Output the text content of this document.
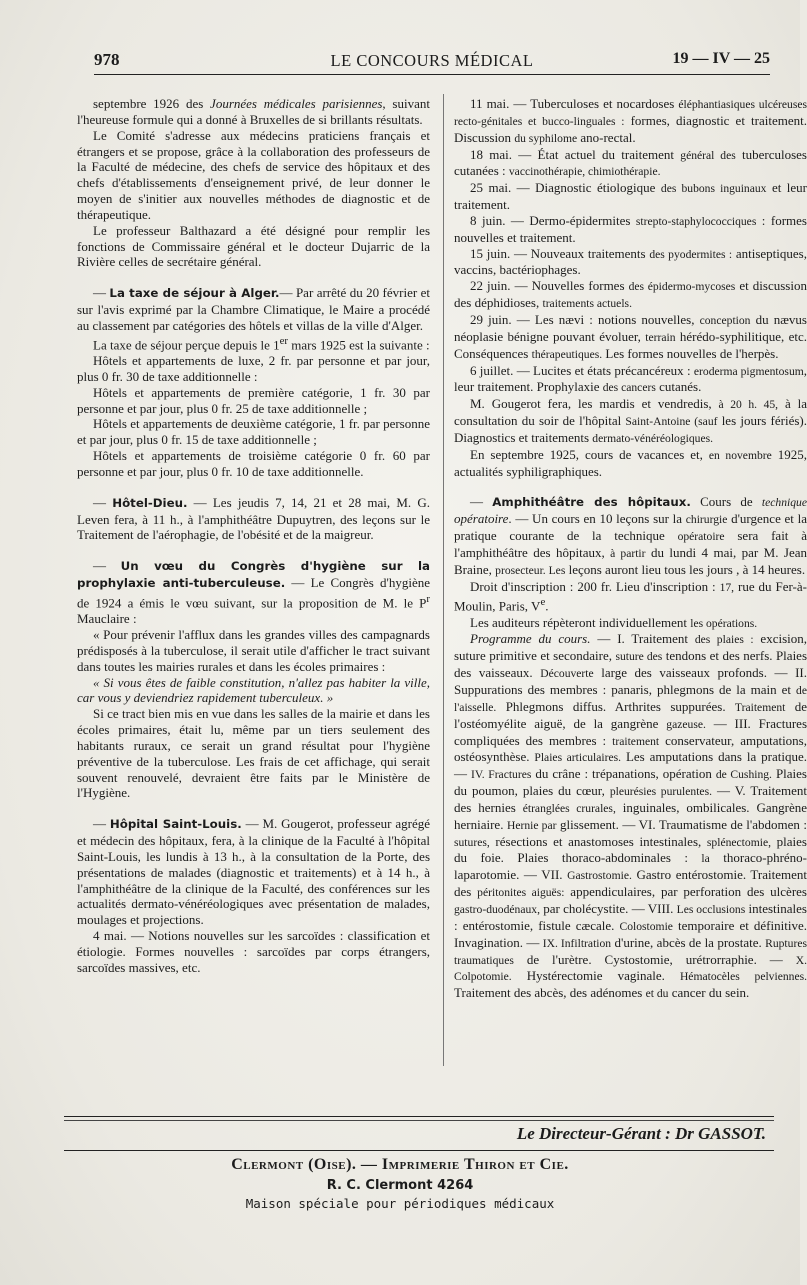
978	LE CONCOURS MÉDICAL	19 — IV — 25

septembre 1926 des Journées médicales parisiennes, suivant l'heureuse formule qui a donné à Bruxelles de si brillants résultats.

Le Comité s'adresse aux médecins praticiens français et étrangers et se propose, grâce à la collaboration des professeurs de la Faculté de médecine, des chefs de service des hôpitaux et des chefs d'établissements d'enseignement privé, de leur donner le moyen de s'initier aux nouvelles méthodes de diagnostic et de thérapeutique.

Le professeur Balthazard a été désigné pour remplir les fonctions de Commissaire général et le docteur Dujarric de la Rivière celles de secrétaire général.

— La taxe de séjour à Alger.— Par arrêté du 20 février et sur l'avis exprimé par la Chambre Climatique, le Maire a procédé au classement par catégories des hôtels et villas de la ville d'Alger.

La taxe de séjour perçue depuis le 1er mars 1925 est la suivante :

Hôtels et appartements de luxe, 2 fr. par personne et par jour, plus 0 fr. 30 de taxe additionnelle :

Hôtels et appartements de première catégorie, 1 fr. 30 par personne et par jour, plus 0 fr. 25 de taxe additionnelle ;

Hôtels et appartements de deuxième catégorie, 1 fr. par personne et par jour, plus 0 fr. 15 de taxe additionnelle ;

Hôtels et appartements de troisième catégorie 0 fr. 60 par personne et par jour, plus 0 fr. 10 de taxe additionnelle.

— Hôtel-Dieu. — Les jeudis 7, 14, 21 et 28 mai, M. G. Leven fera, à 11 h., à l'amphithéâtre Dupuytren, des leçons sur le Traitement de l'aérophagie, de l'obésité et de la maigreur.

— Un vœu du Congrès d'hygiène sur la prophylaxie anti-tuberculeuse. — Le Congrès d'hygiène de 1924 a émis le vœu suivant, sur la proposition de M. le $P^r$ Mauclaire :

« Pour prévenir l'afflux dans les grandes villes des campagnards prédisposés à la tuberculose, il serait utile d'afficher le tract suivant dans toutes les mairies rurales et dans les écoles primaires :

« Si vous êtes de faible constitution, n'allez pas habiter la ville, car vous y deviendriez rapidement tuberculeux. »

Si ce tract bien mis en vue dans les salles de la mairie et dans les écoles primaires, était lu, même par un tiers seulement des habitants ruraux, ce serait un grand résultat pour l'hygiène préventive de la tuberculose. Les frais de cet affichage, qui serait souvent renouvelé, devraient être faits par le Ministère de l'Hygiène.

— Hôpital Saint-Louis. — M. Gougerot, professeur agrégé et médecin des hôpitaux, fera, à la clinique de la Faculté à l'hôpital Saint-Louis, les lundis à 13 h., à la consultation de la Porte, des présentations de malades (diagnostic et traitements) et à 14 h., à l'amphithéâtre de la clinique de la Faculté, des conférences sur les actualités dermato-vénéréologiques avec présentation de malades, moulages et projections.

4 mai. — Notions nouvelles sur les sarcoïdes : classification et étiologie. Formes nouvelles : sarcoïdes par corps étrangers, sarcoïdes massives, etc.

11 mai. — Tuberculoses et nocardoses éléphantiasiques ulcéreuses recto-génitales et bucco-linguales : formes, diagnostic et traitement. Discussion du syphilome ano-rectal.

18 mai. — État actuel du traitement général des tuberculoses cutanées : vaccinothérapie, chimiothérapie.

25 mai. — Diagnostic étiologique des bubons inguinaux et leur traitement.

8 juin. — Dermo-épidermites strepto-staphylococciques : formes nouvelles et traitement.

15 juin. — Nouveaux traitements des pyodermites : antiseptiques, vaccins, bactériophages.

22 juin. — Nouvelles formes des épidermo-mycoses et discussion des déphidioses, traitements actuels.

29 juin. — Les nævi : notions nouvelles, conception du nævus néoplasie bénigne pouvant évoluer, terrain hérédo-syphilitique, etc. Conséquences thérapeutiques. Les formes nouvelles de l'herpès.

6 juillet. — Lucites et états précancéreux : eroderma pigmentosum, leur traitement. Prophylaxie des cancers cutanés.

M. Gougerot fera, les mardis et vendredis, à 20 h. 45, à la consultation du soir de l'hôpital Saint-Antoine (sauf les jours fériés). Diagnostics et traitements dermato-vénéréologiques.

En septembre 1925, cours de vacances et, en novembre 1925, actualités syphiligraphiques.

— Amphithéâtre des hôpitaux. Cours de technique opératoire. — Un cours en 10 leçons sur la chirurgie d'urgence et la pratique courante de la technique opératoire sera fait à l'amphithéâtre des hôpitaux, à partir du lundi 4 mai, par M. Jean Braine, prosecteur. Les leçons auront lieu tous les jours , à 14 heures.

Droit d'inscription : 200 fr. Lieu d'inscription : 17, rue du Fer-à-Moulin, Paris, Ve.

Les auditeurs répèteront individuellement les opérations.

Programme du cours. — I. Traitement des plaies : excision, suture primitive et secondaire, suture des tendons et des nerfs. Plaies des vaisseaux. Découverte large des vaisseaux profonds. — II. Suppurations des membres : panaris, phlegmons de la main et de l'aisselle. Phlegmons diffus. Arthrites suppurées. Traitement de l'ostéomyélite aiguë, de la gangrène gazeuse. — III. Fractures compliquées des membres : traitement conservateur, amputations, ostéosynthèse. Plaies articulaires. Les amputations dans la pratique. — IV. Fractures du crâne : trépanations, opération de Cushing. Plaies du poumon, plaies du cœur, pleurésies purulentes. — V. Traitement des hernies étranglées crurales, inguinales, ombilicales. Gangrène herniaire. Hernie par glissement. — VI. Traumatisme de l'abdomen : sutures, résections et anastomoses intestinales, splénectomie, plaies du foie. Plaies thoraco-abdominales : la thoraco-phréno-laparotomie. — VII. Gastrostomie. Gastro entérostomie. Traitement des péritonites aiguës: appendiculaires, par perforation des ulcères gastro-duodénaux, par cholécystite. — VIII. Les occlusions intestinales : entérostomie, fistule cæcale. Colostomie temporaire et définitive. Invagination. — IX. Infiltration d'urine, abcès de la prostate. Ruptures traumatiques de l'urètre. Cystostomie, urétrorraphie. — X. Colpotomie. Hystérectomie vaginale. Hématocèles pelviennes. Traitement des abcès, des adénomes et du cancer du sein.

Le Directeur-Gérant : Dr GASSOT.
Clermont (Oise). — Imprimerie Thiron et Cie.
R. C. Clermont 4264
Maison spéciale pour périodiques médicaux
